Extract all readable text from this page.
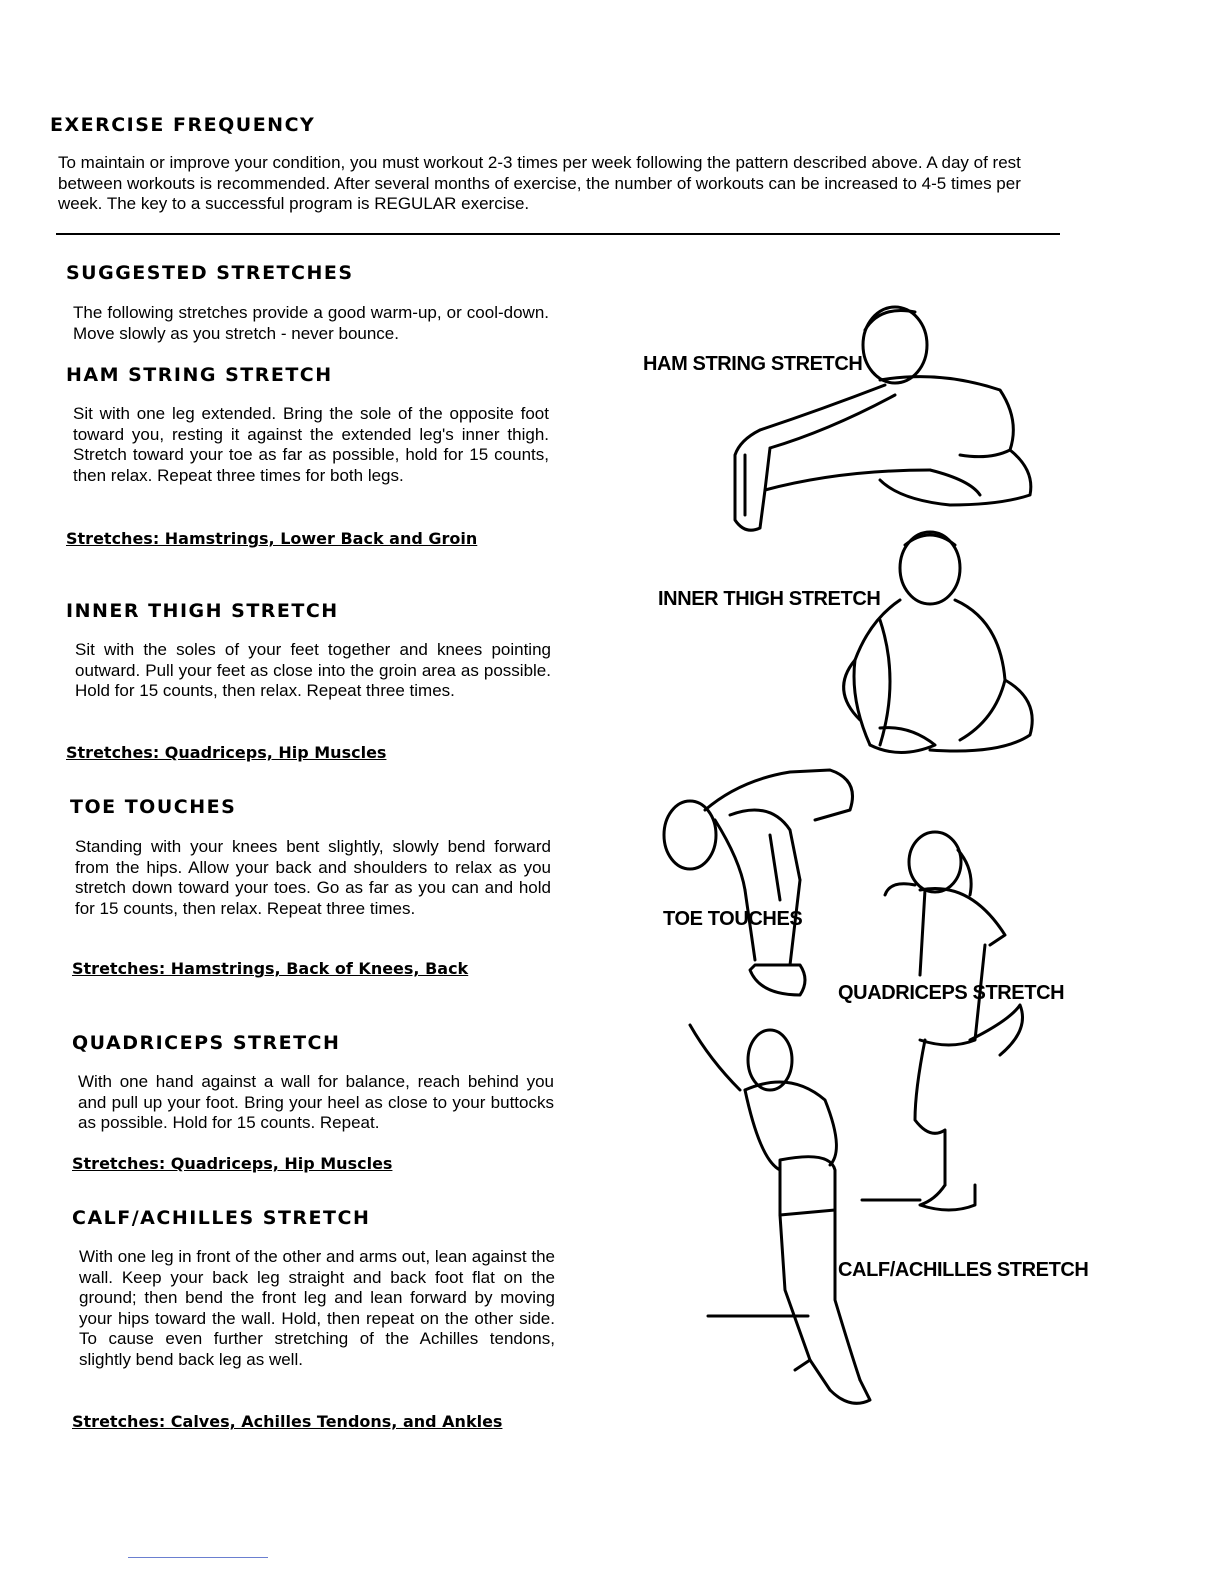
EXERCISE FREQUENCY

To maintain or improve your condition, you must workout 2-3 times per week following the pattern described above. A day of rest between workouts is recommended. After several months of exercise, the number of workouts can be increased to 4-5 times per week. The key to a successful program is REGULAR exercise.

SUGGESTED STRETCHES

The following stretches provide a good warm-up, or cool-down. Move slowly as you stretch - never bounce.

HAM STRING STRETCH

Sit with one leg extended. Bring the sole of the opposite foot toward you, resting it against the extended leg's inner thigh. Stretch toward your toe as far as possible, hold for 15 counts, then relax. Repeat three times for both legs.

Stretches: Hamstrings, Lower Back and Groin

INNER THIGH STRETCH

Sit with the soles of your feet together and knees pointing outward. Pull your feet as close into the groin area as possible. Hold for 15 counts, then relax. Repeat three times.

Stretches: Quadriceps, Hip Muscles

TOE TOUCHES

Standing with your knees bent slightly, slowly bend forward from the hips. Allow your back and shoulders to relax as you stretch down toward your toes. Go as far as you can and hold for 15 counts, then relax. Repeat three times.

Stretches: Hamstrings, Back of Knees, Back

QUADRICEPS STRETCH

With one hand against a wall for balance, reach behind you and pull up your foot. Bring your heel as close to your buttocks as possible. Hold for 15 counts. Repeat.

Stretches: Quadriceps, Hip Muscles

CALF/ACHILLES STRETCH

With one leg in front of the other and arms out, lean against the wall. Keep your back leg straight and back foot flat on the ground; then bend the front leg and lean forward by moving your hips toward the wall. Hold, then repeat on the other side. To cause even further stretching of the Achilles tendons, slightly bend back leg as well.

Stretches: Calves, Achilles Tendons, and Ankles

HAM STRING STRETCH

INNER THIGH STRETCH

TOE TOUCHES

QUADRICEPS STRETCH

CALF/ACHILLES STRETCH
